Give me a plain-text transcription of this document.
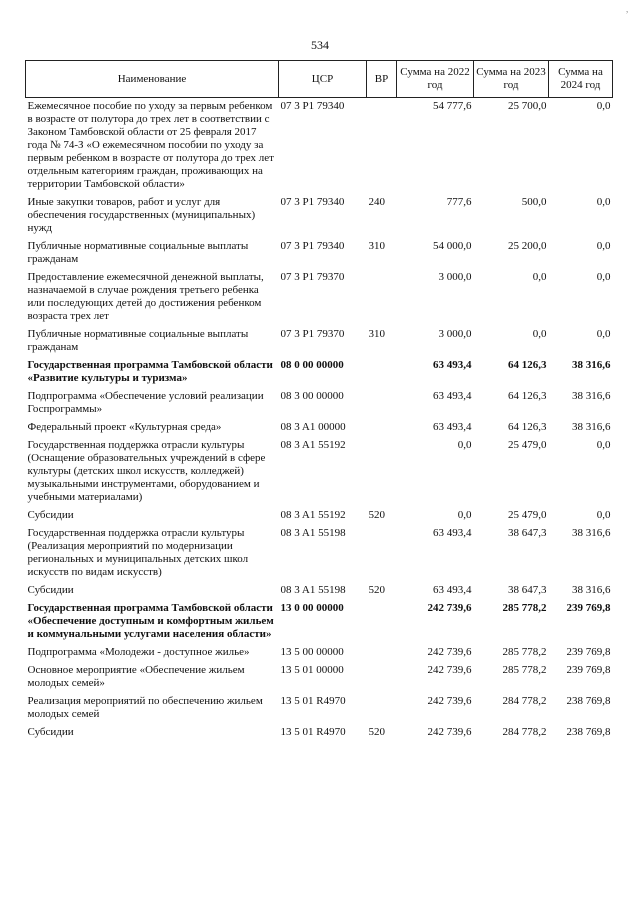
,
534
Наименование	ЦСР	ВР	Сумма на 2022 год	Сумма на 2023 год	Сумма на 2024 год
Ежемесячное пособие по уходу за первым ребенком в возрасте от полутора до трех лет в соответствии с Законом Тамбовской области от 25 февраля 2017 года № 74-З «О ежемесячном пособии по уходу за первым ребенком в возрасте от полутора до трех лет отдельным категориям граждан, проживающих на территории Тамбовской области»	07 3 P1 79340		54 777,6	25 700,0	0,0
Иные закупки товаров, работ и услуг для обеспечения государственных (муниципальных) нужд	07 3 P1 79340	240	777,6	500,0	0,0
Публичные нормативные социальные выплаты гражданам	07 3 P1 79340	310	54 000,0	25 200,0	0,0
Предоставление ежемесячной денежной выплаты, назначаемой в случае рождения третьего ребенка или последующих детей до достижения ребенком возраста трех лет	07 3 P1 79370		3 000,0	0,0	0,0
Публичные нормативные социальные выплаты гражданам	07 3 P1 79370	310	3 000,0	0,0	0,0
Государственная программа Тамбовской области «Развитие культуры и туризма»	08 0 00 00000		63 493,4	64 126,3	38 316,6
Подпрограмма «Обеспечение условий реализации Госпрограммы»	08 3 00 00000		63 493,4	64 126,3	38 316,6
Федеральный проект «Культурная среда»	08 3 A1 00000		63 493,4	64 126,3	38 316,6
Государственная поддержка отрасли культуры (Оснащение образовательных учреждений в сфере культуры (детских школ искусств, колледжей) музыкальными инструментами, оборудованием и учебными материалами)	08 3 A1 55192		0,0	25 479,0	0,0
Субсидии	08 3 A1 55192	520	0,0	25 479,0	0,0
Государственная поддержка отрасли культуры (Реализация мероприятий по модернизации региональных и муниципальных детских школ искусств по видам искусств)	08 3 A1 55198		63 493,4	38 647,3	38 316,6
Субсидии	08 3 A1 55198	520	63 493,4	38 647,3	38 316,6
Государственная программа Тамбовской области «Обеспечение доступным и комфортным жильем и коммунальными услугами населения области»	13 0 00 00000		242 739,6	285 778,2	239 769,8
Подпрограмма «Молодежи - доступное жилье»	13 5 00 00000		242 739,6	285 778,2	239 769,8
Основное мероприятие «Обеспечение жильем молодых семей»	13 5 01 00000		242 739,6	285 778,2	239 769,8
Реализация мероприятий по обеспечению жильем молодых семей	13 5 01 R4970		242 739,6	284 778,2	238 769,8
Субсидии	13 5 01 R4970	520	242 739,6	284 778,2	238 769,8
